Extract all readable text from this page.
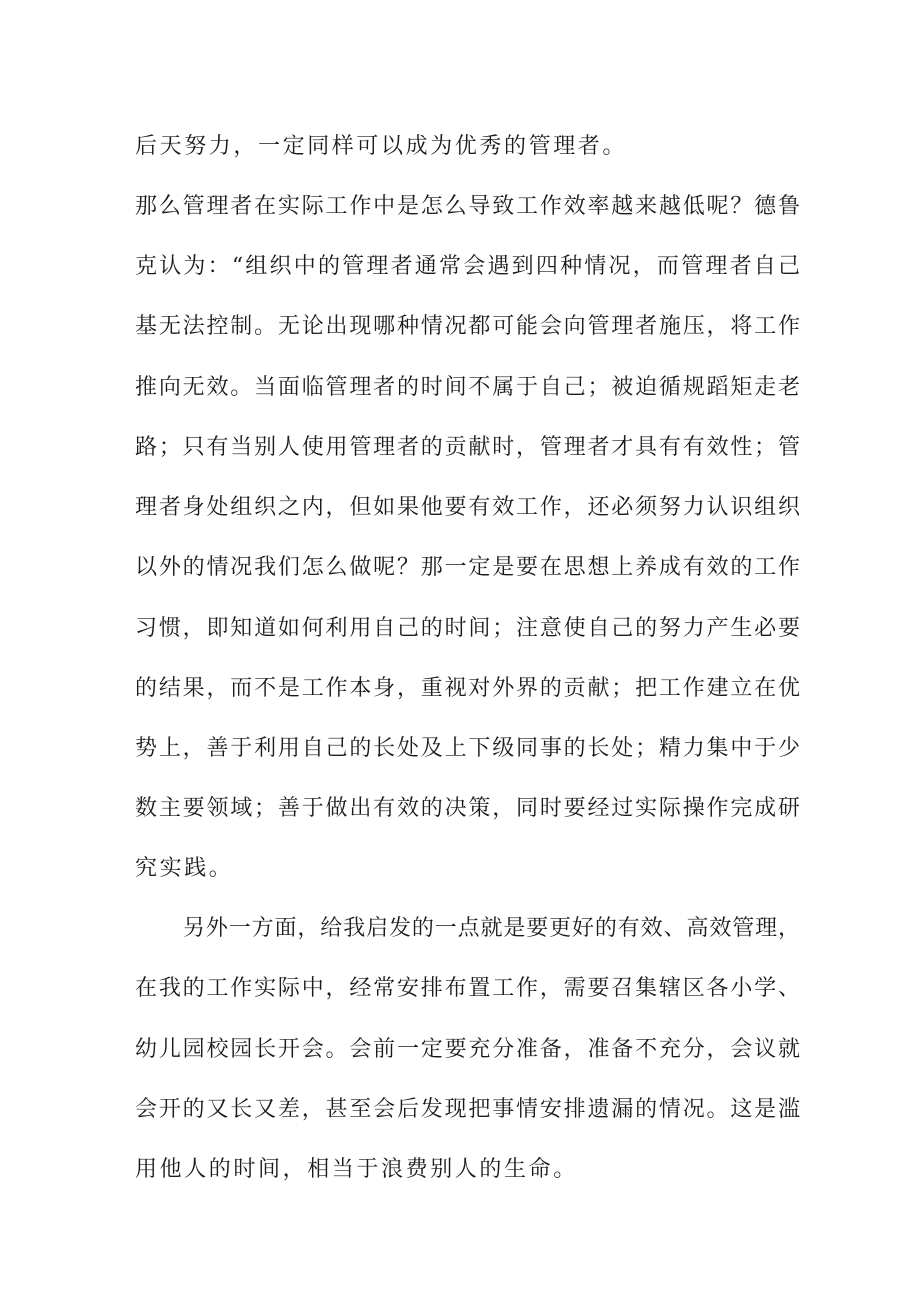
后天努力，一定同样可以成为优秀的管理者。
那么管理者在实际工作中是怎么导致工作效率越来越低呢？德鲁
克认为：“组织中的管理者通常会遇到四种情况，而管理者自己
基无法控制。无论出现哪种情况都可能会向管理者施压，将工作
推向无效。当面临管理者的时间不属于自己；被迫循规蹈矩走老
路；只有当别人使用管理者的贡献时，管理者才具有有效性；管
理者身处组织之内，但如果他要有效工作，还必须努力认识组织
以外的情况我们怎么做呢？那一定是要在思想上养成有效的工作
习惯，即知道如何利用自己的时间；注意使自己的努力产生必要
的结果，而不是工作本身，重视对外界的贡献；把工作建立在优
势上，善于利用自己的长处及上下级同事的长处；精力集中于少
数主要领域；善于做出有效的决策，同时要经过实际操作完成研
究实践。
另外一方面，给我启发的一点就是要更好的有效、高效管理，
在我的工作实际中，经常安排布置工作，需要召集辖区各小学、
幼儿园校园长开会。会前一定要充分准备，准备不充分，会议就
会开的又长又差，甚至会后发现把事情安排遗漏的情况。这是滥
用他人的时间，相当于浪费别人的生命。
